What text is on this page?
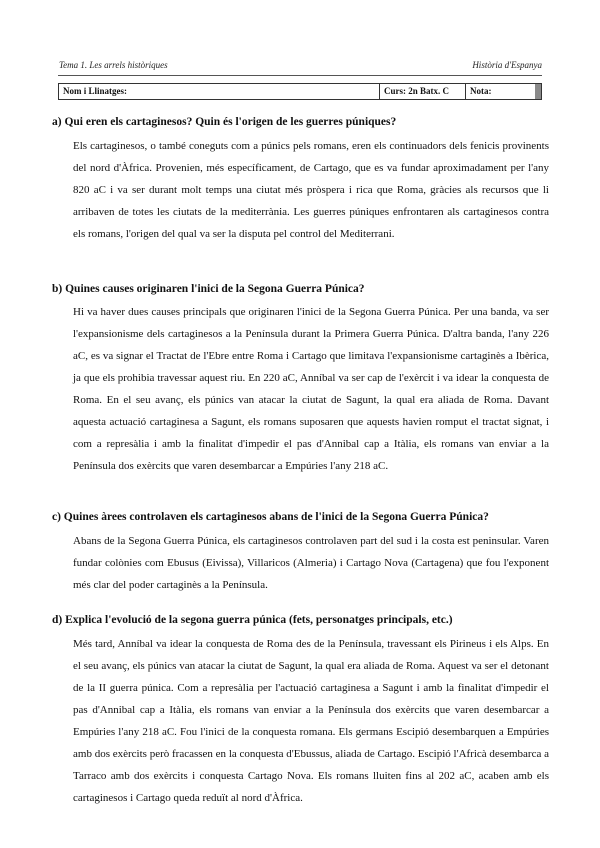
Tema 1. Les arrels històriques	Història d'Espanya
Nom i Llinatges:	Curs: 2n Batx. C	Nota:
a) Qui eren els cartaginesos? Quin és l'origen de les guerres púniques?
Els cartaginesos, o també coneguts com a púnics pels romans, eren els continuadors dels fenicis provinents del nord d'Àfrica. Provenien, més específicament, de Cartago, que es va fundar aproximadament per l'any 820 aC i va ser durant molt temps una ciutat més pròspera i rica que Roma, gràcies als recursos que li arribaven de totes les ciutats de la mediterrània. Les guerres púniques enfrontaren als cartaginesos contra els romans, l'origen del qual va ser la disputa pel control del Mediterrani.
b) Quines causes originaren l'inici de la Segona Guerra Púnica?
Hi va haver dues causes principals que originaren l'inici de la Segona Guerra Púnica. Per una banda, va ser l'expansionisme dels cartaginesos a la Península durant la Primera Guerra Púnica. D'altra banda, l'any 226 aC, es va signar el Tractat de l'Ebre entre Roma i Cartago que limitava l'expansionisme cartaginès a Ibèrica, ja que els prohibia travessar aquest riu. En 220 aC, Anníbal va ser cap de l'exèrcit i va idear la conquesta de Roma. En el seu avanç, els púnics van atacar la ciutat de Sagunt, la qual era aliada de Roma. Davant aquesta actuació cartaginesa a Sagunt, els romans suposaren que aquests havien romput el tractat signat, i com a represàlia i amb la finalitat d'impedir el pas d'Annibal cap a Itàlia, els romans van enviar a la Península dos exèrcits que varen desembarcar a Empúries l'any 218 aC.
c) Quines àrees controlaven els cartaginesos abans de l'inici de la Segona Guerra Púnica?
Abans de la Segona Guerra Púnica, els cartaginesos controlaven part del sud i la costa est peninsular. Varen fundar colònies com Ebusus (Eivissa), Villaricos (Almeria) i Cartago Nova (Cartagena) que fou l'exponent més clar del poder cartaginès a la Península.
d) Explica l'evolució de la segona guerra púnica (fets, personatges principals, etc.)
Més tard, Anníbal va idear la conquesta de Roma des de la Península, travessant els Pirineus i els Alps. En el seu avanç, els púnics van atacar la ciutat de Sagunt, la qual era aliada de Roma. Aquest va ser el detonant de la II guerra púnica. Com a represàlia per l'actuació cartaginesa a Sagunt i amb la finalitat d'impedir el pas d'Annibal cap a Itàlia, els romans van enviar a la Península dos exèrcits que varen desembarcar a Empúries l'any 218 aC. Fou l'inici de la conquesta romana. Els germans Escipió desembarquen a Empúries amb dos exèrcits però fracassen en la conquesta d'Ebussus, aliada de Cartago. Escipió l'Africà desembarca a Tarraco amb dos exèrcits i conquesta Cartago Nova. Els romans lluiten fins al 202 aC, acaben amb els cartaginesos i Cartago queda reduït al nord d'Àfrica.
